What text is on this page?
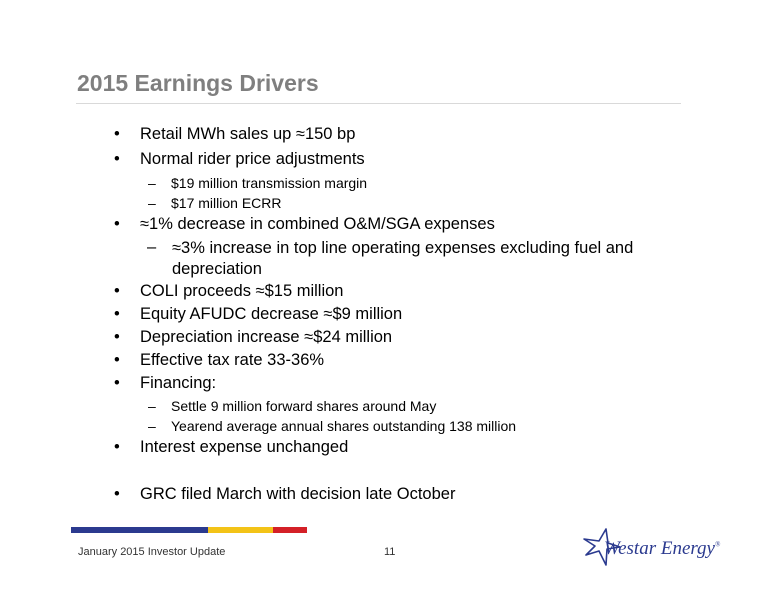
2015 Earnings Drivers
• Retail MWh sales up ≈150 bp
• Normal rider price adjustments
– $19 million transmission margin
– $17 million ECRR
• ≈1% decrease in combined O&M/SGA expenses
– ≈3% increase in top line operating expenses excluding fuel and depreciation
• COLI proceeds ≈$15 million
• Equity AFUDC decrease ≈$9 million
• Depreciation increase ≈$24 million
• Effective tax rate 33-36%
• Financing:
– Settle 9 million forward shares around May
– Yearend average annual shares outstanding 138 million
• Interest expense unchanged
• GRC filed March with decision late October
January 2015 Investor Update	11	Westar Energy®
